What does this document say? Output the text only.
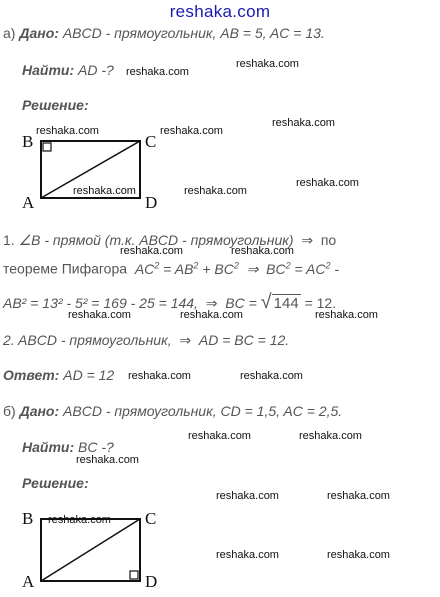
reshaka.com
а) Дано: ABCD - прямоугольник, AB = 5, AC = 13.
Найти: AD -?
Решение:
B	C
A	D
1. ∠B - прямой (т.к. ABCD - прямоугольник)  ⇒  по
теореме Пифагора  $AC^2 = AB^2 + BC^2$  ⇒  $BC^2 = AC^2$ -
AB² = 13² - 5² = 169 - 25 = 144,  ⇒  BC = √ 144 = 12.
2. ABCD - прямоугольник,  ⇒  AD = BC = 12.
Ответ: AD = 12
б) Дано: ABCD - прямоугольник, CD = 1,5, AC = 2,5.
Найти: BC -?
Решение:
B	C
A	D
reshaka.com
reshaka.com
reshaka.com	reshaka.com
reshaka.com
reshaka.com	reshaka.com
reshaka.com
reshaka.com	reshaka.com
reshaka.com	reshaka.com	reshaka.com
reshaka.com	reshaka.com
reshaka.com	reshaka.com
reshaka.com
reshaka.com	reshaka.com
reshaka.com
reshaka.com	reshaka.com
